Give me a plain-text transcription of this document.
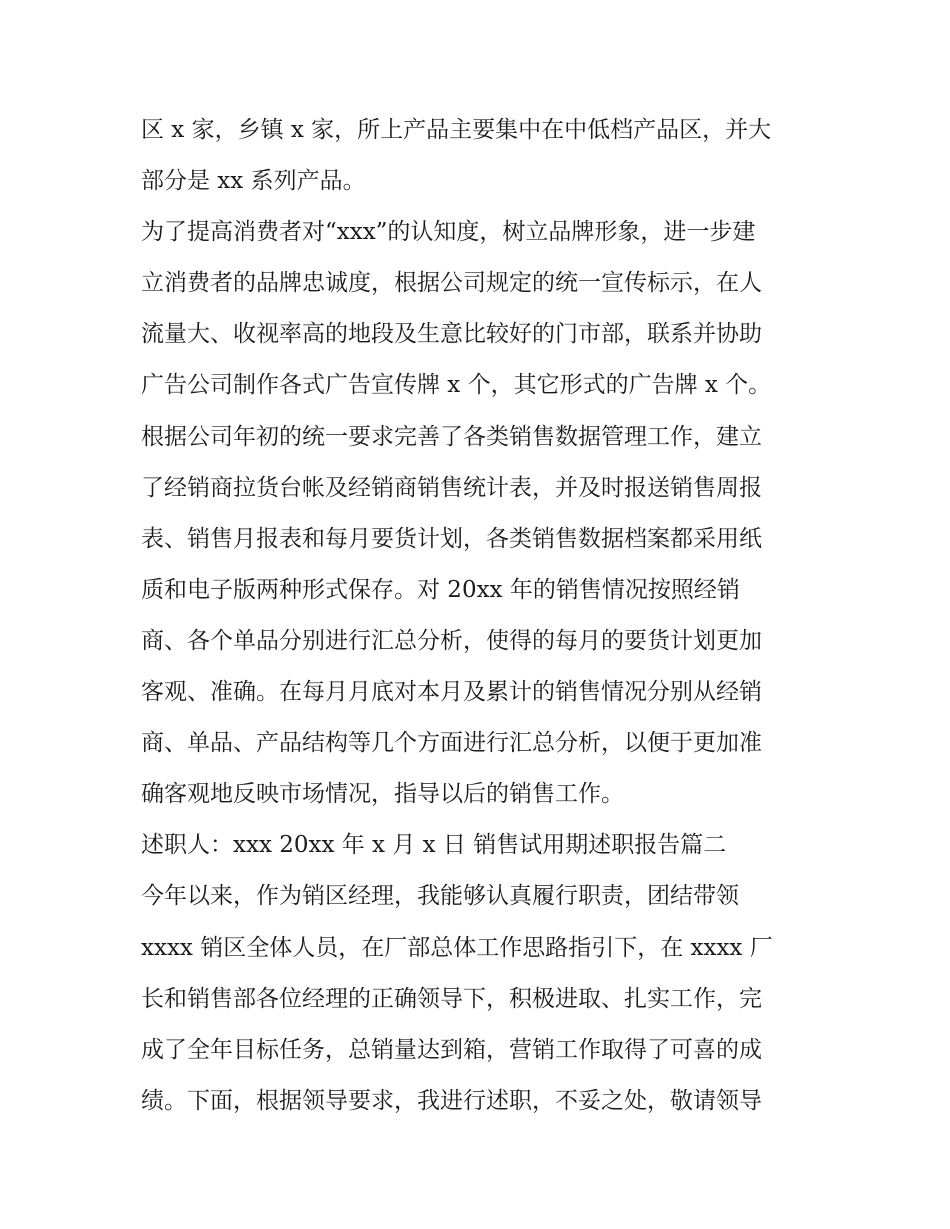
区 x 家，乡镇 x 家，所上产品主要集中在中低档产品区，并大
部分是 xx 系列产品。
为了提高消费者对“xxx”的认知度，树立品牌形象，进一步建
立消费者的品牌忠诚度，根据公司规定的统一宣传标示，在人
流量大、收视率高的地段及生意比较好的门市部，联系并协助
广告公司制作各式广告宣传牌 x 个，其它形式的广告牌 x 个。
根据公司年初的统一要求完善了各类销售数据管理工作，建立
了经销商拉货台帐及经销商销售统计表，并及时报送销售周报
表、销售月报表和每月要货计划，各类销售数据档案都采用纸
质和电子版两种形式保存。对 20xx 年的销售情况按照经销
商、各个单品分别进行汇总分析，使得的每月的要货计划更加
客观、准确。在每月月底对本月及累计的销售情况分别从经销
商、单品、产品结构等几个方面进行汇总分析，以便于更加准
确客观地反映市场情况，指导以后的销售工作。
述职人：xxx 20xx 年 x 月 x 日 销售试用期述职报告篇二
今年以来，作为销区经理，我能够认真履行职责，团结带领
xxxx 销区全体人员，在厂部总体工作思路指引下，在 xxxx 厂
长和销售部各位经理的正确领导下，积极进取、扎实工作，完
成了全年目标任务，总销量达到箱，营销工作取得了可喜的成
绩。下面，根据领导要求，我进行述职，不妥之处，敬请领导
